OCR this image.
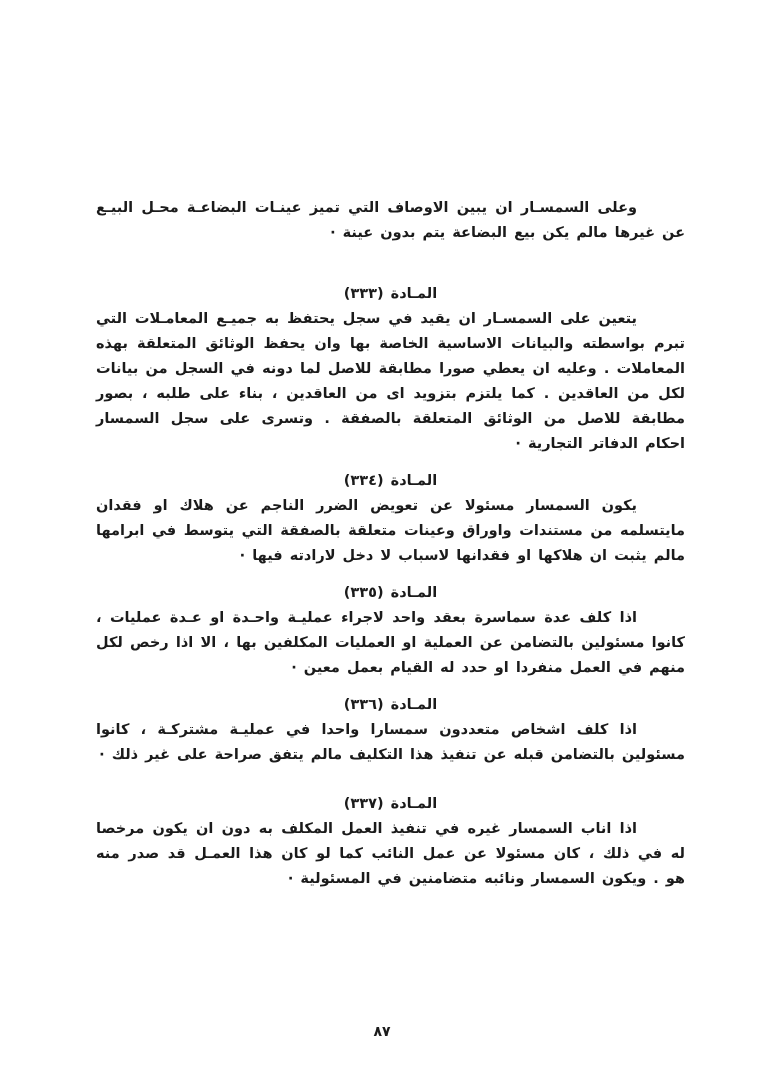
وعلى السمسـار ان يبين الاوصاف التي تميز عينـات البضاعـة محـل البيـع عن غيرها مالم يكن بيع البضاعة يتم بدون عينة ·

المـادة (٣٣٣)

يتعين على السمسـار ان يقيد في سجل يحتفظ به جميـع المعامـلات التي تبرم بواسطته والبيانات الاساسية الخاصة بها وان يحفظ الوثائق المتعلقة بهذه المعاملات . وعليه ان يعطي صورا مطابقة للاصل لما دونه في السجل من بيانات لكل من العاقدين . كما يلتزم بتزويد اى من العاقدين ، بناء على طلبه ، بصور مطابقة للاصل من الوثائق المتعلقة بالصفقة . وتسرى على سجل السمسار احكام الدفاتر التجارية ·

المـادة (٣٣٤)

يكون السمسار مسئولا عن تعويض الضرر الناجم عن هلاك او فقدان مايتسلمه من مستندات واوراق وعينات متعلقة بالصفقة التي يتوسط في ابرامها مالم يثبت ان هلاكها او فقدانها لاسباب لا دخل لارادته فيها ·

المـادة (٣٣٥)

اذا كلف عدة سماسرة بعقد واحد لاجراء عمليـة واحـدة او عـدة عمليات ، كانوا مسئولين بالتضامن عن العملية او العمليات المكلفين بها ، الا اذا رخص لكل منهم في العمل منفردا او حدد له القيام بعمل معين ·

المـادة (٣٣٦)

اذا كلف اشخاص متعددون سمسارا واحدا في عمليـة مشتركـة ، كانوا مسئولين بالتضامن قبله عن تنفيذ هذا التكليف مالم يتفق صراحة على غير ذلك ·

المـادة (٣٣٧)

اذا اناب السمسار غيره في تنفيذ العمل المكلف به دون ان يكون مرخصا له في ذلك ، كان مسئولا عن عمل النائب كما لو كان هذا العمـل قد صدر منه هو . ويكون السمسار ونائبه متضامنين في المسئولية ·

٨٧
